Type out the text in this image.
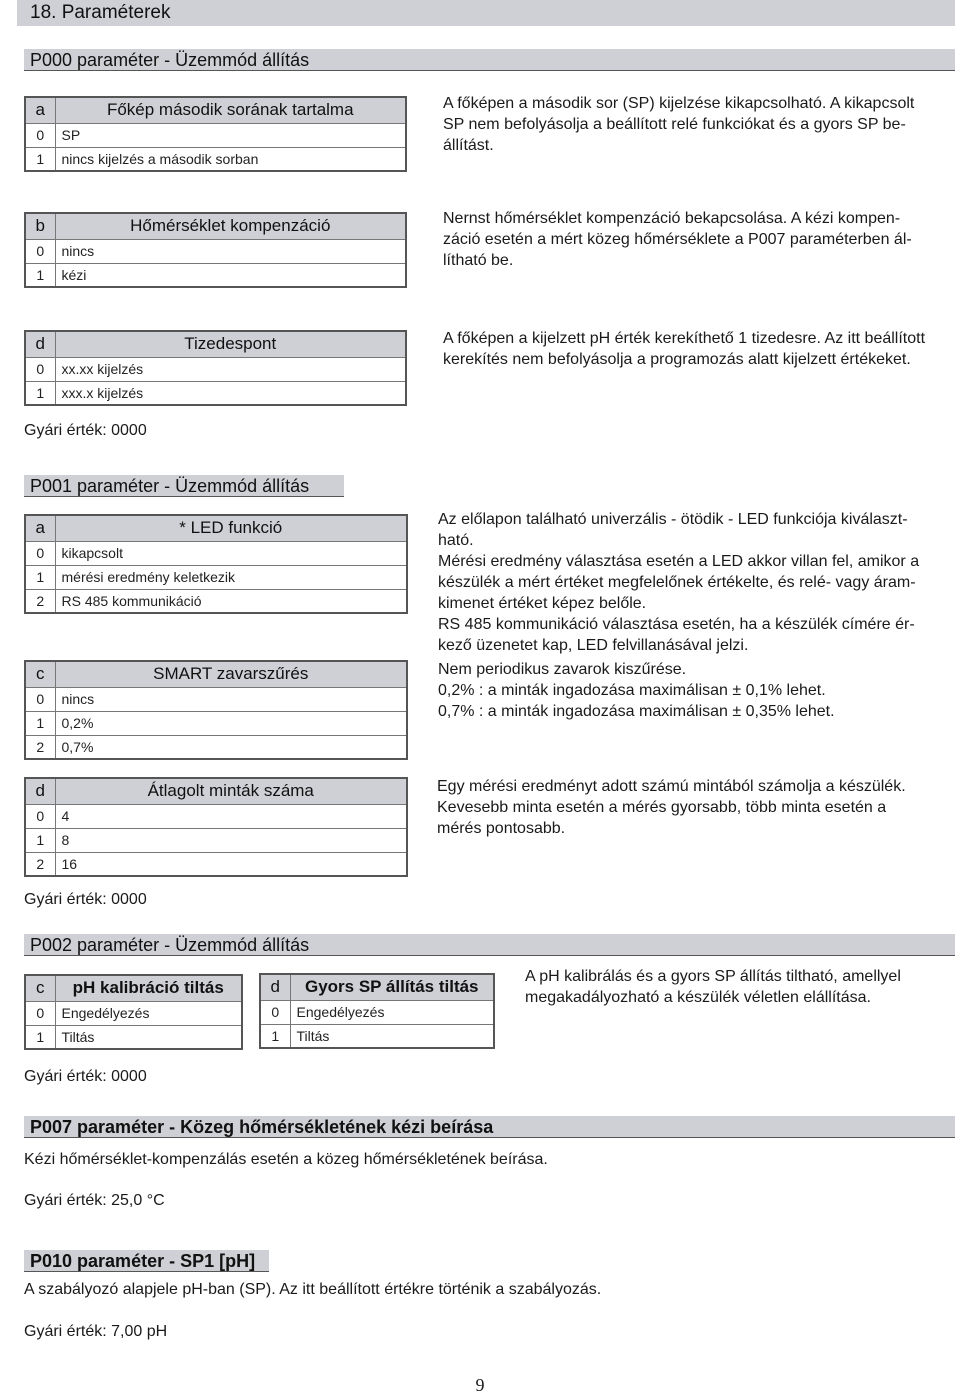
18. Paraméterek
P000 paraméter - Üzemmód állítás
a	Főkép második sorának tartalma
0	SP
1	nincs kijelzés a második sorban
A főképen a második sor (SP) kijelzése kikapcsolható. A kikapcsolt
SP nem befolyásolja a beállított relé funkciókat és a gyors SP be-
állítást.
b	Hőmérséklet kompenzáció
0	nincs
1	kézi
Nernst hőmérséklet kompenzáció bekapcsolása. A kézi kompen-
záció esetén a mért közeg hőmérséklete a P007 paraméterben ál-
lítható be.
d	Tizedespont
0	xx.xx kijelzés
1	xxx.x kijelzés
A főképen a kijelzett pH érték kerekíthető 1 tizedesre. Az itt beállított
kerekítés nem befolyásolja a programozás alatt kijelzett értékeket.
Gyári érték: 0000
P001 paraméter - Üzemmód állítás
a	* LED funkció
0	kikapcsolt
1	mérési eredmény keletkezik
2	RS 485 kommunikáció
Az előlapon található univerzális - ötödik - LED funkciója kiválaszt-
ható.
Mérési eredmény választása esetén a LED akkor villan fel, amikor a
készülék a mért értéket megfelelőnek értékelte, és relé- vagy áram-
kimenet értéket képez belőle.
RS 485 kommunikáció választása esetén, ha a készülék címére ér-
kező üzenetet kap, LED felvillanásával jelzi.
c	SMART zavarszűrés
0	nincs
1	0,2%
2	0,7%
Nem periodikus zavarok kiszűrése.
0,2% : a minták ingadozása maximálisan ± 0,1% lehet.
0,7% : a minták ingadozása maximálisan ± 0,35% lehet.
d	Átlagolt minták száma
0	4
1	8
2	16
Egy mérési eredményt adott számú mintából számolja a készülék.
Kevesebb minta esetén a mérés gyorsabb, több minta esetén a
mérés pontosabb.
Gyári érték: 0000
P002 paraméter - Üzemmód állítás
c	pH kalibráció tiltás
0	Engedélyezés
1	Tiltás
d	Gyors SP állítás tiltás
0	Engedélyezés
1	Tiltás
A pH kalibrálás és a gyors SP állítás tiltható, amellyel
megakadályozható a készülék véletlen elállítása.
Gyári érték: 0000
P007 paraméter - Közeg hőmérsékletének kézi beírása
Kézi hőmérséklet-kompenzálás esetén a közeg hőmérsékletének beírása.
Gyári érték: 25,0 °C
P010 paraméter - SP1 [pH]
A szabályozó alapjele pH-ban (SP). Az itt beállított értékre történik a szabályozás.
Gyári érték: 7,00 pH
9
